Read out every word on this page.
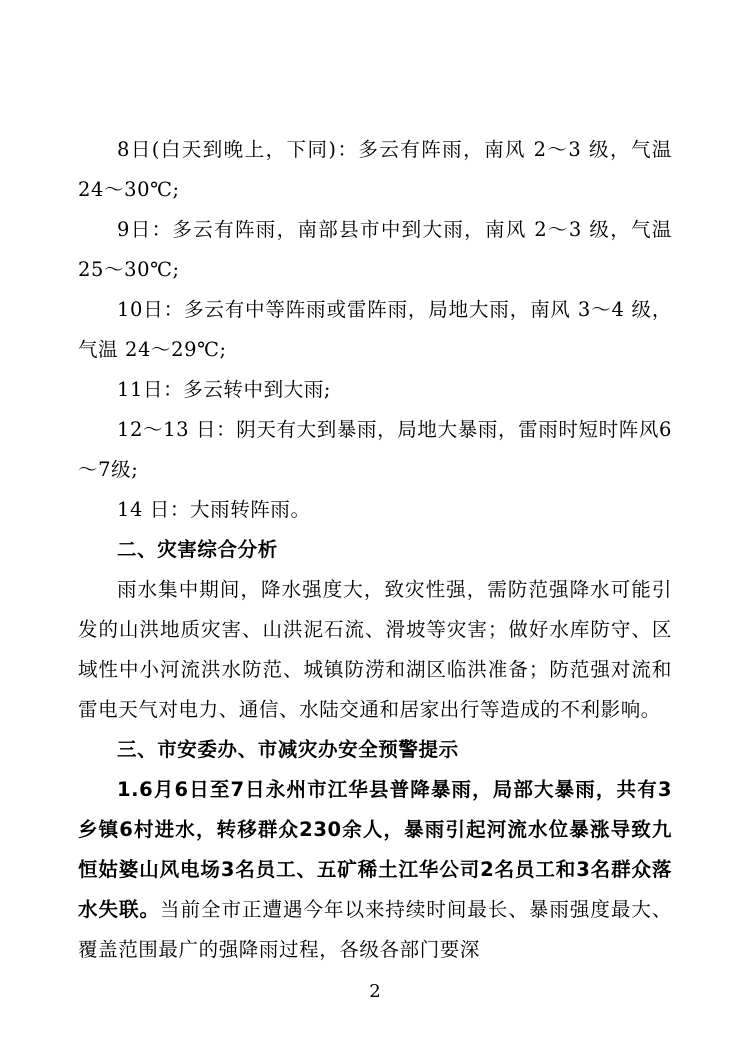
8日(白天到晚上，下同)：多云有阵雨，南风 2～3 级，气温 24～30℃;

9日：多云有阵雨，南部县市中到大雨，南风 2～3 级，气温 25～30℃;

10日：多云有中等阵雨或雷阵雨，局地大雨，南风 3～4 级，气温 24～29℃;

11日：多云转中到大雨;

12～13 日：阴天有大到暴雨，局地大暴雨，雷雨时短时阵风6～7级;

14 日：大雨转阵雨。

二、灾害综合分析

雨水集中期间，降水强度大，致灾性强，需防范强降水可能引发的山洪地质灾害、山洪泥石流、滑坡等灾害；做好水库防守、区域性中小河流洪水防范、城镇防涝和湖区临洪准备；防范强对流和雷电天气对电力、通信、水陆交通和居家出行等造成的不利影响。

三、市安委办、市减灾办安全预警提示

1.6月6日至7日永州市江华县普降暴雨，局部大暴雨，共有3乡镇6村进水，转移群众230余人，暴雨引起河流水位暴涨导致九恒姑婆山风电场3名员工、五矿稀土江华公司2名员工和3名群众落水失联。当前全市正遭遇今年以来持续时间最长、暴雨强度最大、覆盖范围最广的强降雨过程，各级各部门要深

2
